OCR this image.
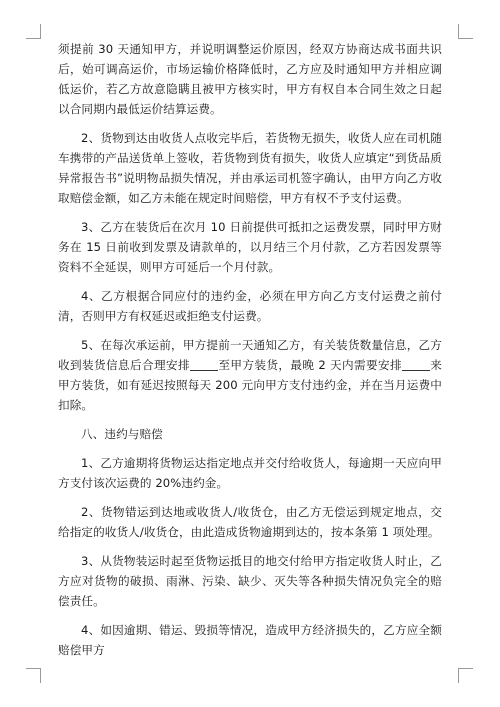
须提前 30 天通知甲方，并说明调整运价原因，经双方协商达成书面共识后，始可调高运价，市场运输价格降低时，乙方应及时通知甲方并相应调低运价，若乙方故意隐瞒且被甲方核实时，甲方有权自本合同生效之日起以合同期内最低运价结算运费。

2、货物到达由收货人点收完毕后，若货物无损失，收货人应在司机随车携带的产品送货单上签收，若货物到货有损失，收货人应填定“到货品质异常报告书”说明物品损失情况，并由承运司机签字确认，由甲方向乙方收取赔偿金额，如乙方未能在规定时间赔偿，甲方有权不予支付运费。

3、乙方在装货后在次月 10 日前提供可抵扣之运费发票，同时甲方财务在 15 日前收到发票及请款单的，以月结三个月付款，乙方若因发票等资料不全延误，则甲方可延后一个月付款。

4、乙方根据合同应付的违约金，必须在甲方向乙方支付运费之前付清，否则甲方有权延迟或拒绝支付运费。

5、在每次承运前，甲方提前一天通知乙方，有关装货数量信息，乙方收到装货信息后合理安排 至甲方装货，最晚 2 天内需要安排 来甲方装货，如有延迟按照每天 200 元向甲方支付违约金，并在当月运费中扣除。

八、违约与赔偿

1、乙方逾期将货物运达指定地点并交付给收货人，每逾期一天应向甲方支付该次运费的 20%违约金。

2、货物错运到达地或收货人/收货仓，由乙方无偿运到规定地点，交给指定的收货人/收货仓，由此造成货物逾期到达的，按本条第 1 项处理。

3、从货物装运时起至货物运抵目的地交付给甲方指定收货人时止，乙方应对货物的破损、雨淋、污染、缺少、灭失等各种损失情况负完全的赔偿责任。

4、如因逾期、错运、毁损等情况，造成甲方经济损失的，乙方应全额赔偿甲方
